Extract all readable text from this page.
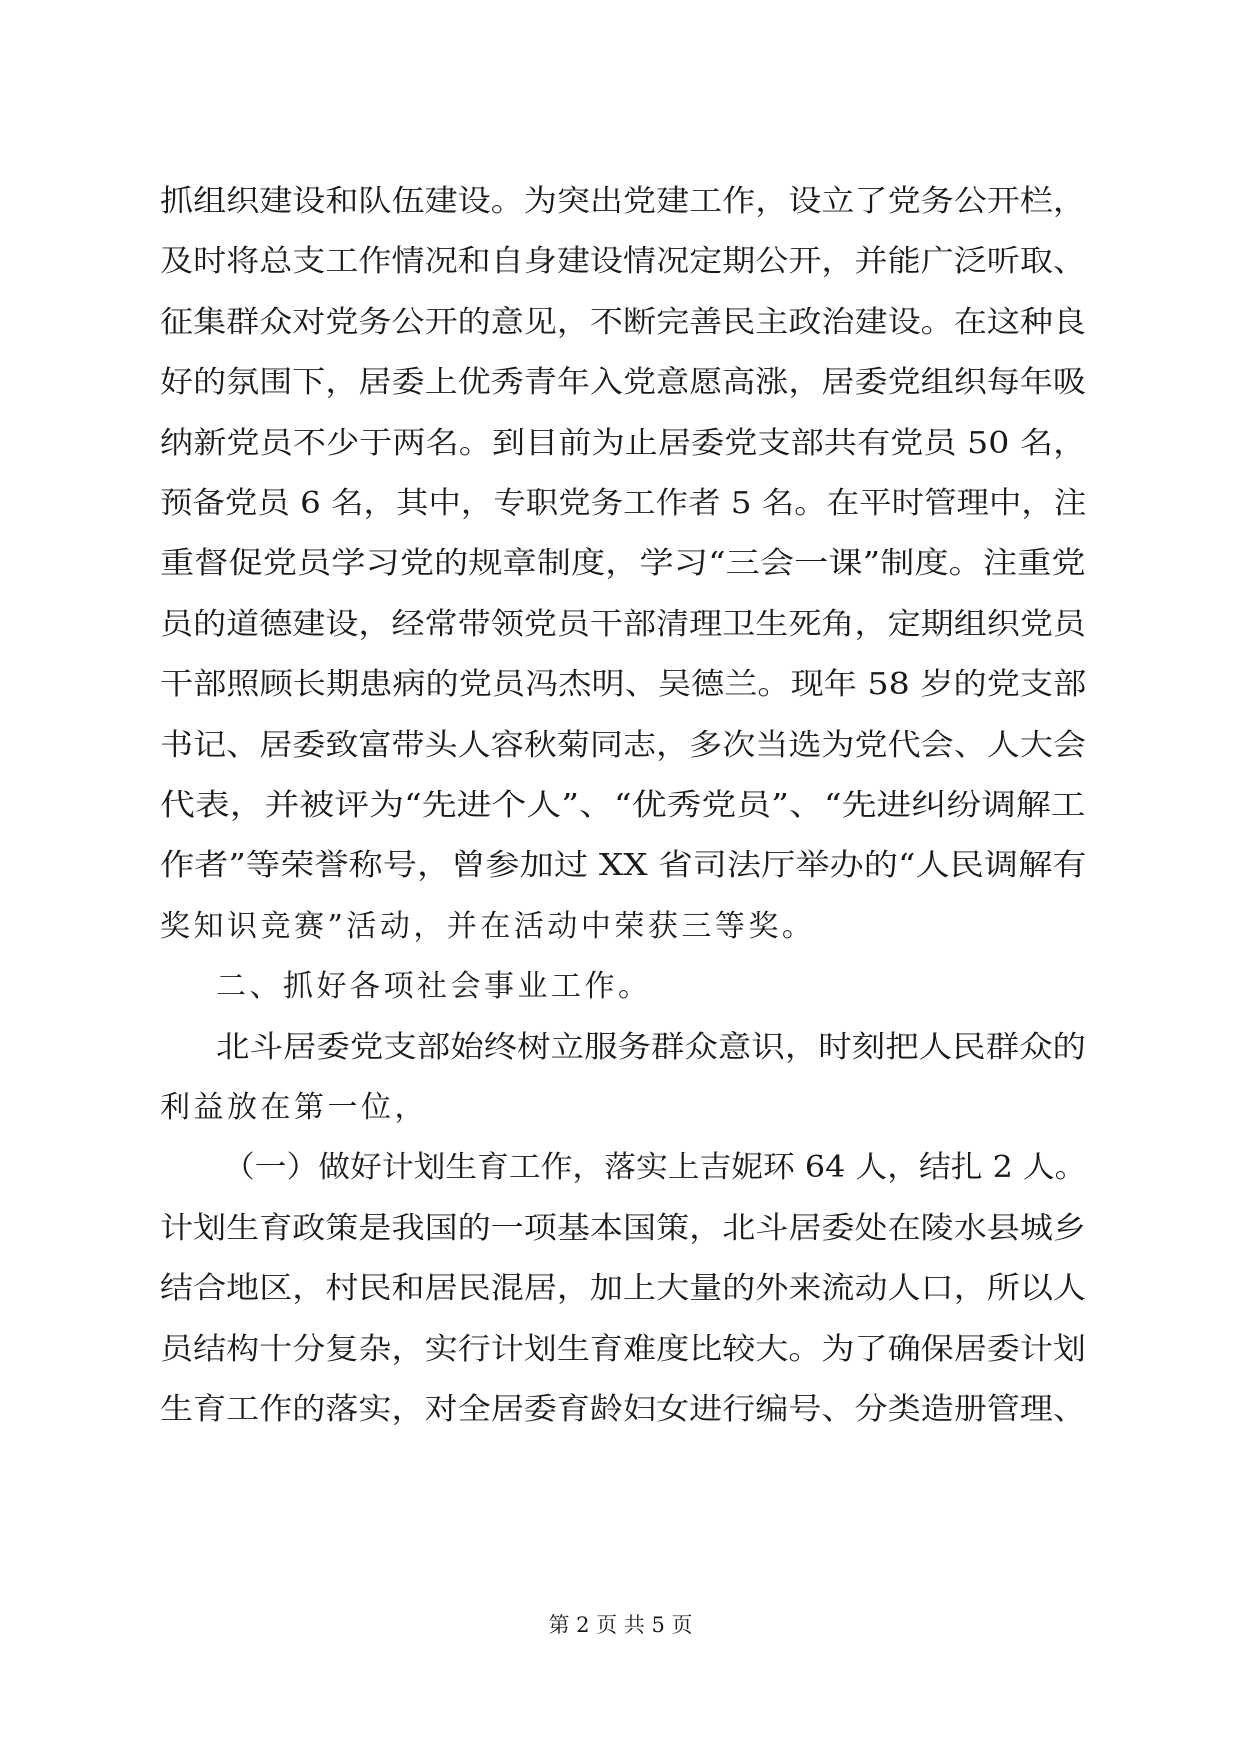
抓组织建设和队伍建设。为突出党建工作，设立了党务公开栏，
及时将总支工作情况和自身建设情况定期公开，并能广泛听取、
征集群众对党务公开的意见，不断完善民主政治建设。在这种良
好的氛围下，居委上优秀青年入党意愿高涨，居委党组织每年吸
纳新党员不少于两名。到目前为止居委党支部共有党员 50 名，
预备党员 6 名，其中，专职党务工作者 5 名。在平时管理中，注
重督促党员学习党的规章制度，学习“三会一课”制度。注重党
员的道德建设，经常带领党员干部清理卫生死角，定期组织党员
干部照顾长期患病的党员冯杰明、吴德兰。现年 58 岁的党支部
书记、居委致富带头人容秋菊同志，多次当选为党代会、人大会
代表，并被评为“先进个人”、“优秀党员”、“先进纠纷调解工
作者”等荣誉称号，曾参加过 XX 省司法厅举办的“人民调解有
奖知识竞赛”活动，并在活动中荣获三等奖。
二、抓好各项社会事业工作。
北斗居委党支部始终树立服务群众意识，时刻把人民群众的
利益放在第一位，
（一）做好计划生育工作，落实上吉妮环 64 人，结扎 2 人。
计划生育政策是我国的一项基本国策，北斗居委处在陵水县城乡
结合地区，村民和居民混居，加上大量的外来流动人口，所以人
员结构十分复杂，实行计划生育难度比较大。为了确保居委计划
生育工作的落实，对全居委育龄妇女进行编号、分类造册管理、
第 2 页 共 5 页
